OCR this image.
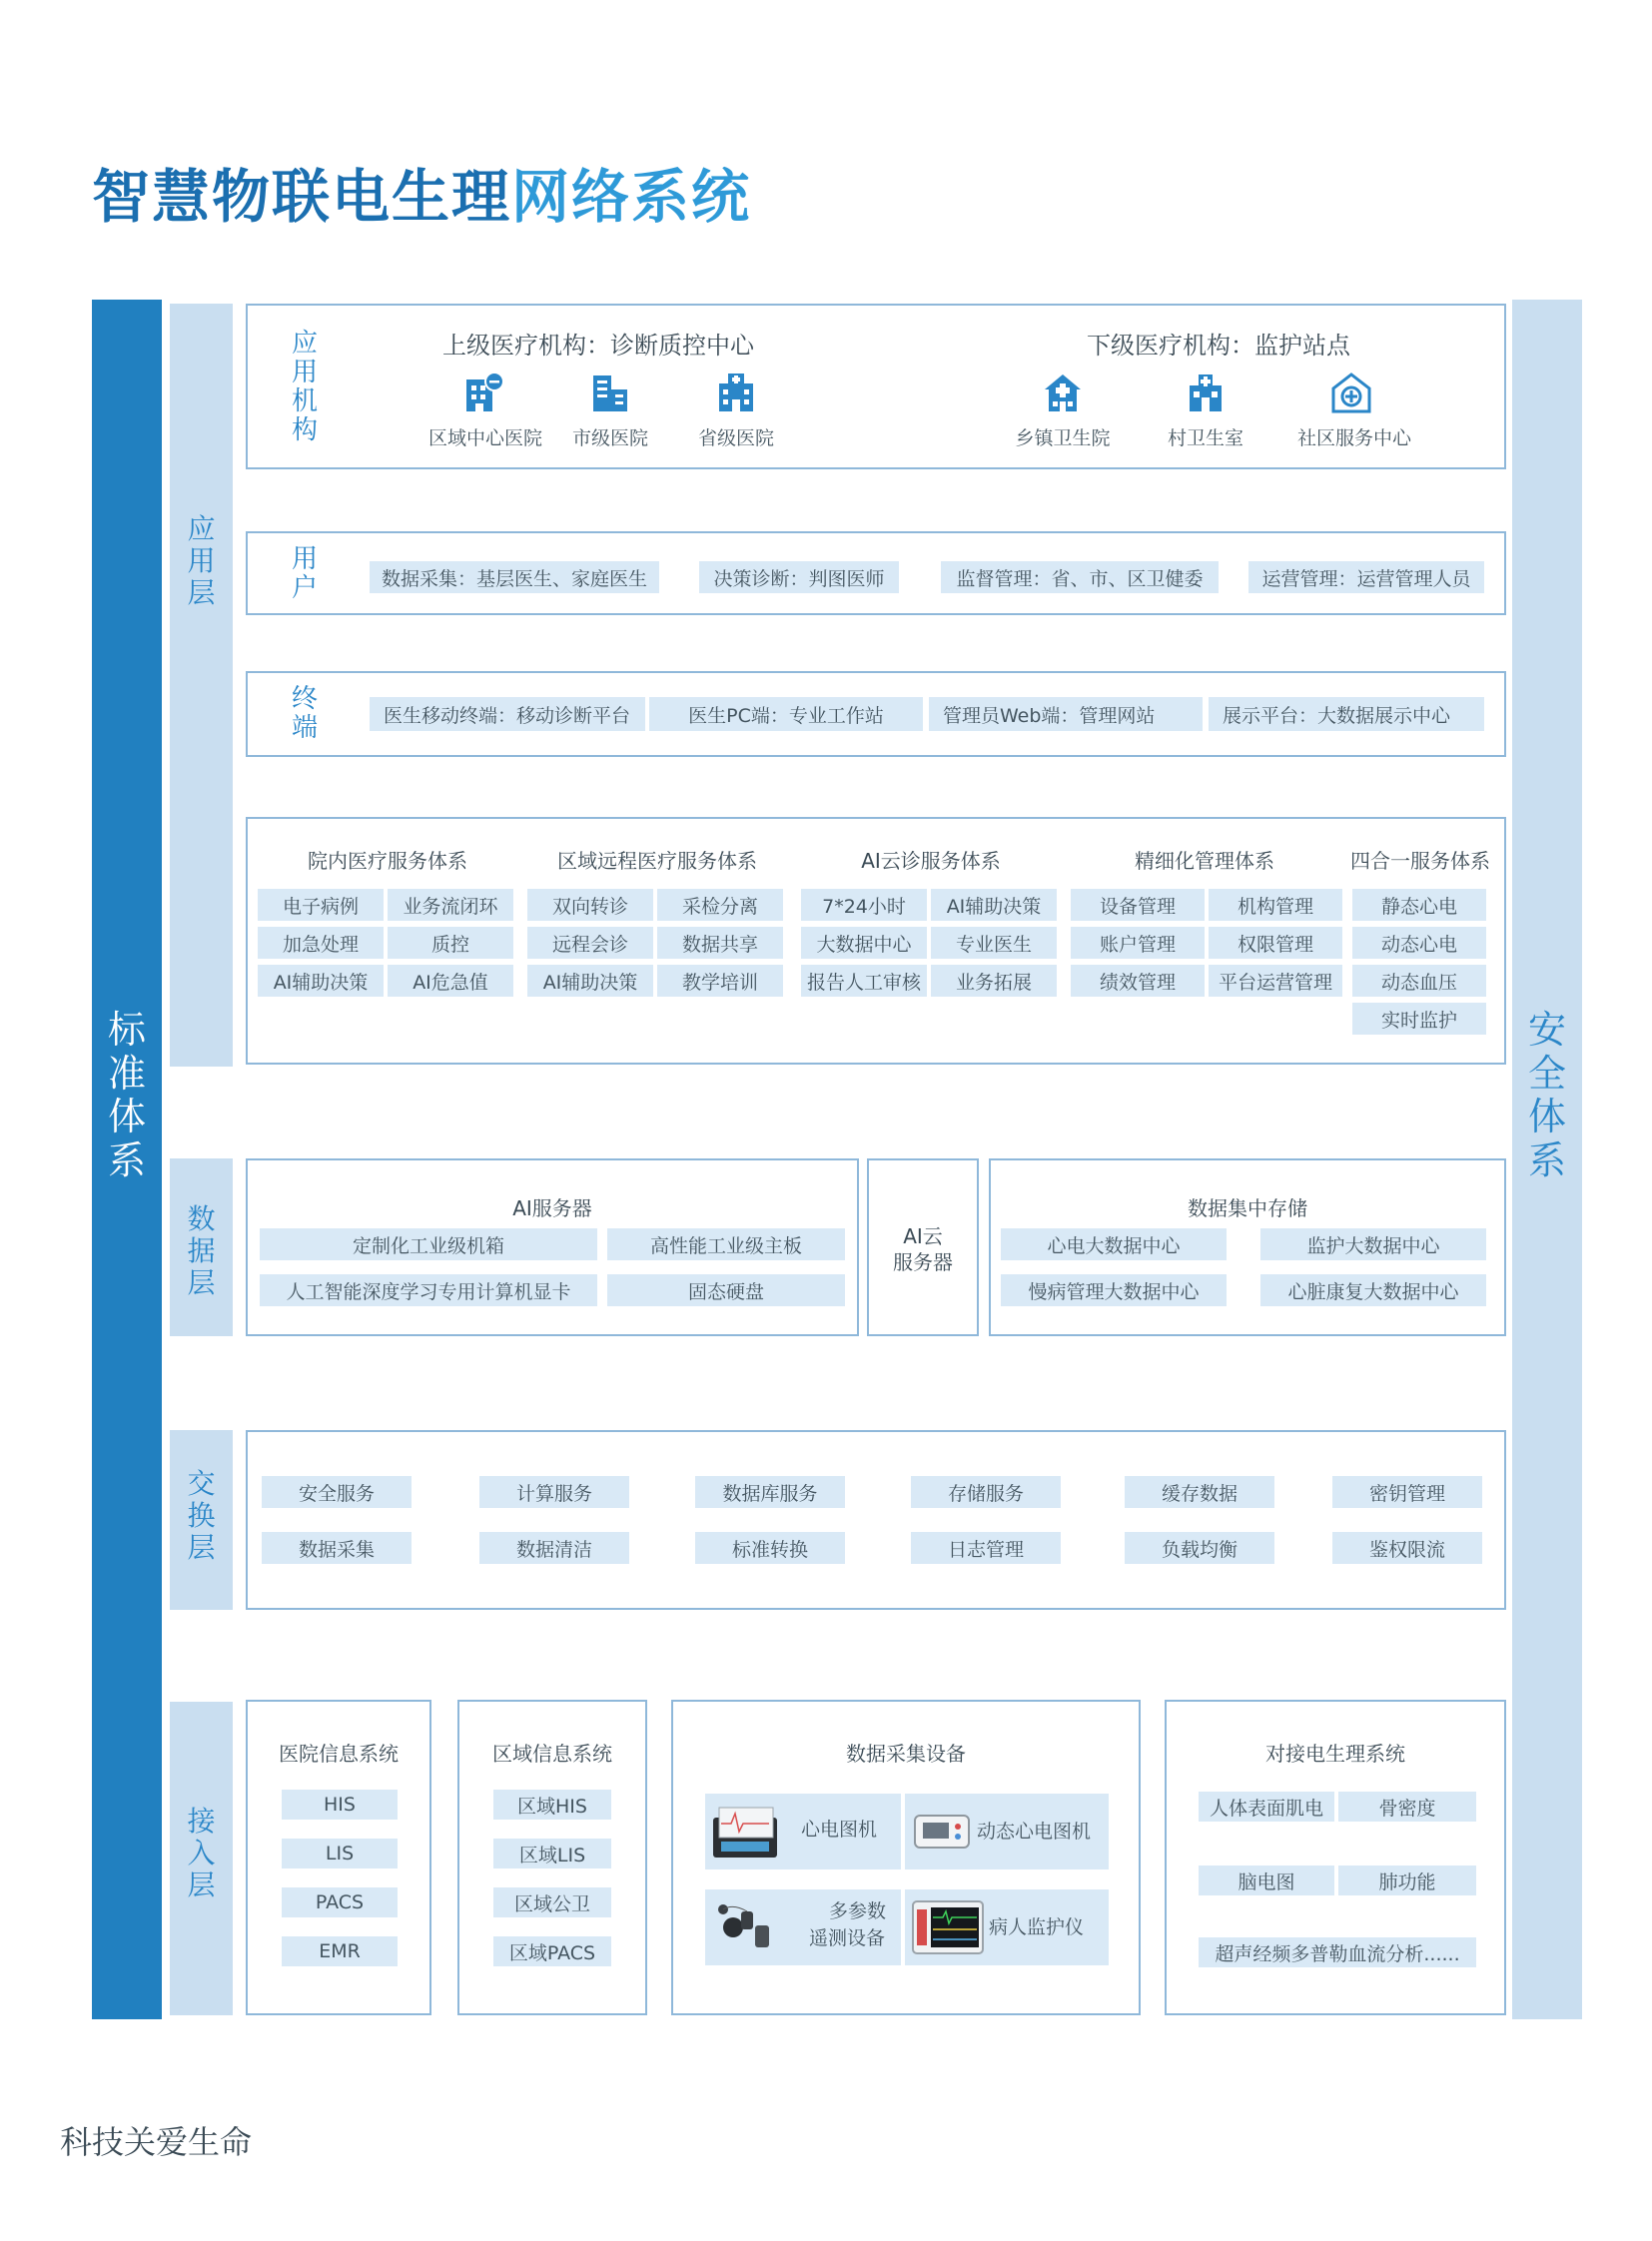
智慧物联电生理网络系统
标
准
体
系
安
全
体
系
应
用
层
数
据
层
交
换
层
接
入
层
应
用
机
构
上级医疗机构：诊断质控中心	下级医疗机构：监护站点
区域中心医院	市级医院	省级医院	乡镇卫生院	村卫生室	社区服务中心
用
户	数据采集：基层医生、家庭医生	决策诊断：判图医师	监督管理：省、市、区卫健委	运营管理：运营管理人员
终
端	医生移动终端：移动诊断平台	医生PC端：专业工作站	管理员Web端：管理网站	展示平台：大数据展示中心
院内医疗服务体系
电子病例	业务流闭环
加急处理	质控
AI辅助决策	AI危急值
区域远程医疗服务体系
双向转诊	采检分离
远程会诊	数据共享
AI辅助决策	教学培训
AI云诊服务体系
7*24小时	AI辅助决策
大数据中心	专业医生
报告人工审核	业务拓展
精细化管理体系
设备管理	机构管理
账户管理	权限管理
绩效管理	平台运营管理
四合一服务体系
静态心电
动态心电
动态血压
实时监护
AI服务器
定制化工业级机箱	高性能工业级主板
人工智能深度学习专用计算机显卡	固态硬盘
AI云
服务器
数据集中存储
心电大数据中心	监护大数据中心
慢病管理大数据中心	心脏康复大数据中心
安全服务	计算服务	数据库服务	存储服务	缓存数据	密钥管理
数据采集	数据清洁	标准转换	日志管理	负载均衡	鉴权限流
医院信息系统
HIS
LIS
PACS
EMR
区域信息系统
区域HIS
区域LIS
区域公卫
区域PACS
数据采集设备
心电图机	动态心电图机
多参数
遥测设备	病人监护仪
对接电生理系统
人体表面肌电	骨密度
脑电图	肺功能
超声经频多普勒血流分析......
科技关爱生命
